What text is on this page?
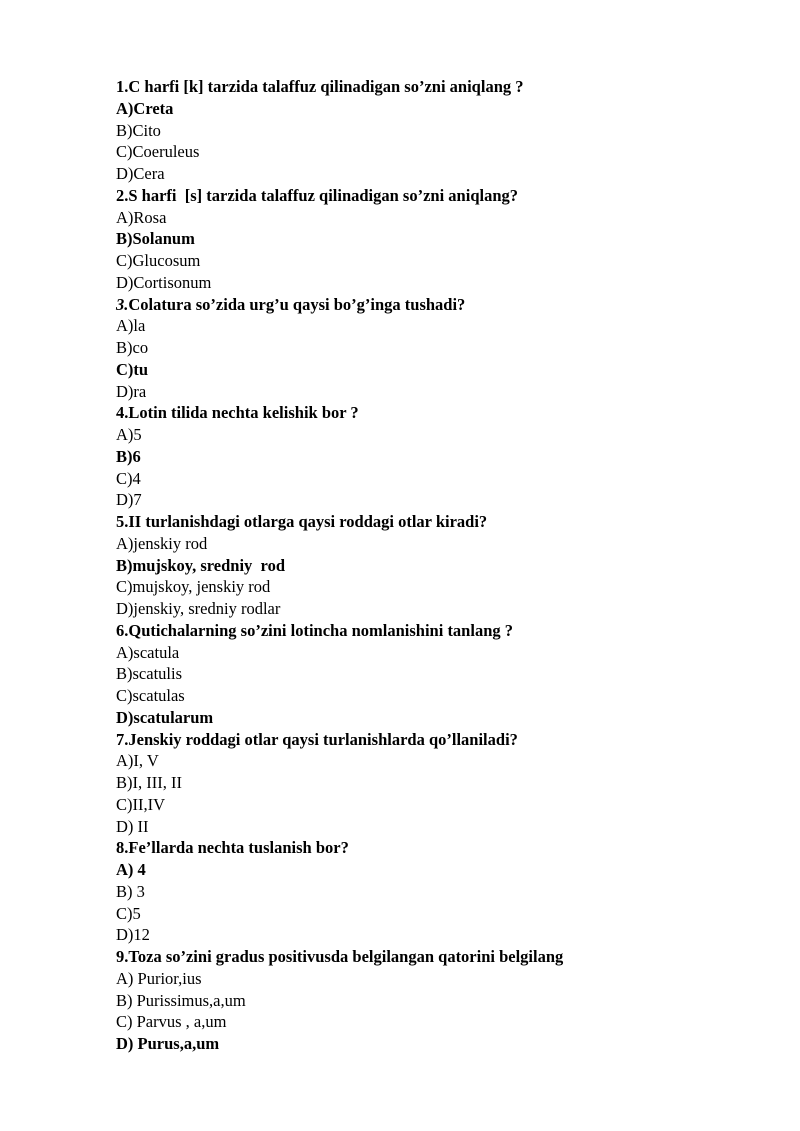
1.C harfi [k] tarzida talaffuz qilinadigan so’zni aniqlang ?
A)Creta
B)Cito
C)Coeruleus
D)Cera
2.S harfi  [s] tarzida talaffuz qilinadigan so’zni aniqlang?
A)Rosa
B)Solanum
C)Glucosum
D)Cortisonum
3.Colatura so’zida urg’u qaysi bo’g’inga tushadi?
A)la
B)co
C)tu
D)ra
4.Lotin tilida nechta kelishik bor ?
A)5
B)6
C)4
D)7
5.II turlanishdagi otlarga qaysi roddagi otlar kiradi?
A)jenskiy rod
B)mujskoy, sredniy  rod
C)mujskoy, jenskiy rod
D)jenskiy, sredniy rodlar
6.Qutichalarning so’zini lotincha nomlanishini tanlang ?
A)scatula
B)scatulis
C)scatulas
D)scatularum
7.Jenskiy roddagi otlar qaysi turlanishlarda qo’llaniladi?
A)I, V
B)I, III, II
C)II,IV
D) II
8.Fe’llarda nechta tuslanish bor?
A) 4
B) 3
C)5
D)12
9.Toza so’zini gradus positivusda belgilangan qatorini belgilang
A) Purior,ius
B) Purissimus,a,um
C) Parvus , a,um
D) Purus,a,um
